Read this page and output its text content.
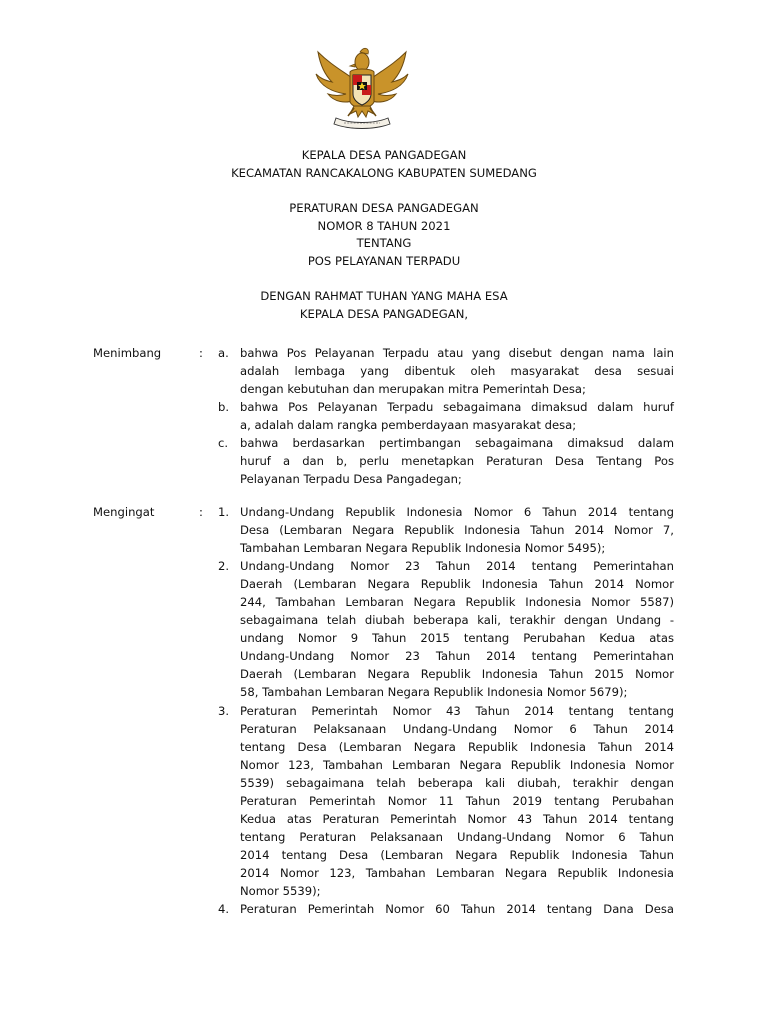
KEPALA DESA PANGADEGAN
KECAMATAN RANCAKALONG KABUPATEN SUMEDANG
PERATURAN DESA PANGADEGAN
NOMOR 8 TAHUN 2021
TENTANG
POS PELAYANAN TERPADU
DENGAN RAHMAT TUHAN YANG MAHA ESA
KEPALA DESA PANGADEGAN,
Menimbang	: a. bahwa Pos Pelayanan Terpadu atau yang disebut dengan nama lain
adalah lembaga yang dibentuk oleh masyarakat desa sesuai
dengan kebutuhan dan merupakan mitra Pemerintah Desa;
b. bahwa Pos Pelayanan Terpadu sebagaimana dimaksud dalam huruf
a, adalah dalam rangka pemberdayaan masyarakat desa;
c. bahwa berdasarkan pertimbangan sebagaimana dimaksud dalam
huruf a dan b, perlu menetapkan Peraturan Desa Tentang Pos
Pelayanan Terpadu Desa Pangadegan;
Mengingat	: 1. Undang-Undang Republik Indonesia Nomor 6 Tahun 2014 tentang
Desa (Lembaran Negara Republik Indonesia Tahun 2014 Nomor 7,
Tambahan Lembaran Negara Republik Indonesia Nomor 5495);
2. Undang-Undang Nomor 23 Tahun 2014 tentang Pemerintahan
Daerah (Lembaran Negara Republik Indonesia Tahun 2014 Nomor
244, Tambahan Lembaran Negara Republik Indonesia Nomor 5587)
sebagaimana telah diubah beberapa kali, terakhir dengan Undang -
undang Nomor 9 Tahun 2015 tentang Perubahan Kedua atas
Undang-Undang Nomor 23 Tahun 2014 tentang Pemerintahan
Daerah (Lembaran Negara Republik Indonesia Tahun 2015 Nomor
58, Tambahan Lembaran Negara Republik Indonesia Nomor 5679);
3. Peraturan Pemerintah Nomor 43 Tahun 2014 tentang tentang
Peraturan Pelaksanaan Undang-Undang Nomor 6 Tahun 2014
tentang Desa (Lembaran Negara Republik Indonesia Tahun 2014
Nomor 123, Tambahan Lembaran Negara Republik Indonesia Nomor
5539) sebagaimana telah beberapa kali diubah, terakhir dengan
Peraturan Pemerintah Nomor 11 Tahun 2019 tentang Perubahan
Kedua atas Peraturan Pemerintah Nomor 43 Tahun 2014 tentang
tentang Peraturan Pelaksanaan Undang-Undang Nomor 6 Tahun
2014 tentang Desa (Lembaran Negara Republik Indonesia Tahun
2014 Nomor 123, Tambahan Lembaran Negara Republik Indonesia
Nomor 5539);
4. Peraturan Pemerintah Nomor 60 Tahun 2014 tentang Dana Desa
